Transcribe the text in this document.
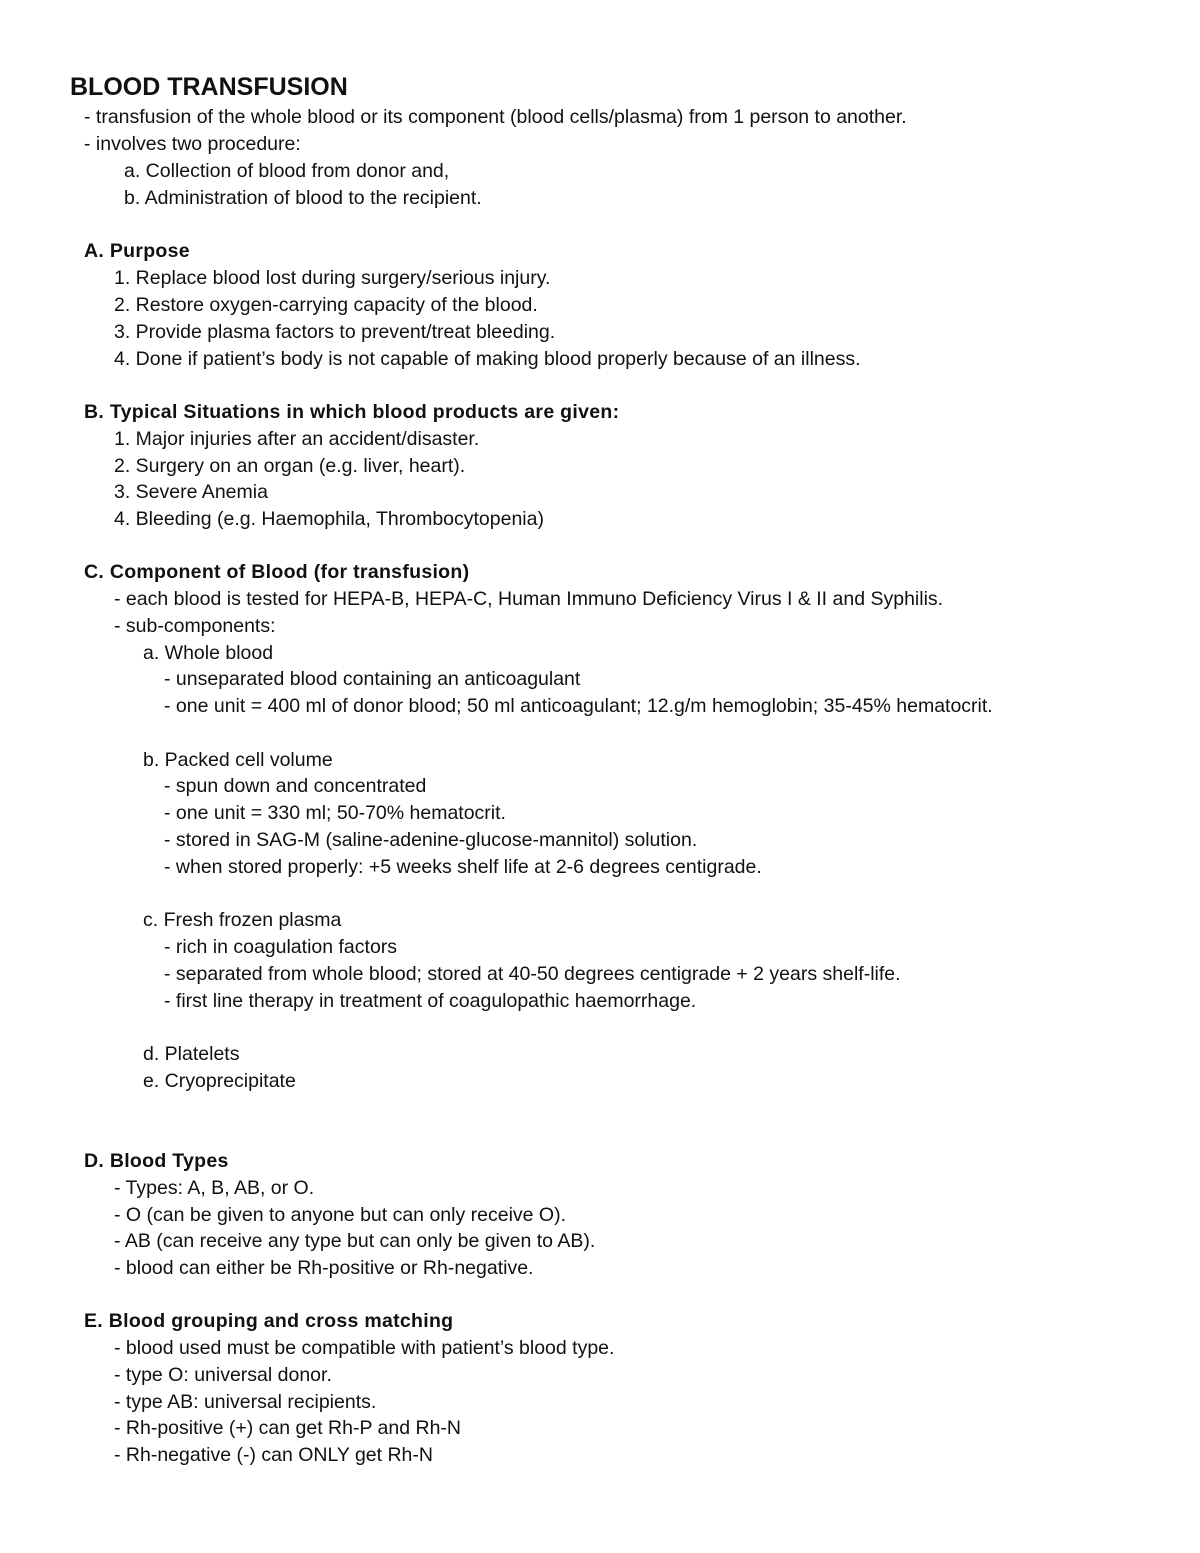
BLOOD TRANSFUSION
- transfusion of the whole blood or its component (blood cells/plasma) from 1 person to another.
- involves two procedure:
a. Collection of blood from donor and,
b. Administration of blood to the recipient.
A. Purpose
1. Replace blood lost during surgery/serious injury.
2. Restore oxygen-carrying capacity of the blood.
3. Provide plasma factors to prevent/treat bleeding.
4. Done if patient’s body is not capable of making blood properly because of an illness.
B. Typical Situations in which blood products are given:
1. Major injuries after an accident/disaster.
2. Surgery on an organ (e.g. liver, heart).
3. Severe Anemia
4. Bleeding (e.g. Haemophila, Thrombocytopenia)
C. Component of Blood (for transfusion)
- each blood is tested for HEPA-B, HEPA-C, Human Immuno Deficiency Virus I & II and Syphilis.
- sub-components:
a. Whole blood
- unseparated blood containing an anticoagulant
- one unit = 400 ml of donor blood; 50 ml anticoagulant; 12.g/m hemoglobin; 35-45% hematocrit.
b. Packed cell volume
- spun down and concentrated
- one unit = 330 ml; 50-70% hematocrit.
- stored in SAG-M (saline-adenine-glucose-mannitol) solution.
- when stored properly: +5 weeks shelf life at 2-6 degrees centigrade.
c. Fresh frozen plasma
- rich in coagulation factors
- separated from whole blood; stored at 40-50 degrees centigrade + 2 years shelf-life.
- first line therapy in treatment of coagulopathic haemorrhage.
d. Platelets
e. Cryoprecipitate
D. Blood Types
- Types: A, B, AB, or O.
- O (can be given to anyone but can only receive O).
- AB (can receive any type but can only be given to AB).
- blood can either be Rh-positive or Rh-negative.
E. Blood grouping and cross matching
- blood used must be compatible with patient’s blood type.
- type O: universal donor.
- type AB: universal recipients.
- Rh-positive (+) can get Rh-P and Rh-N
- Rh-negative (-) can ONLY get Rh-N
